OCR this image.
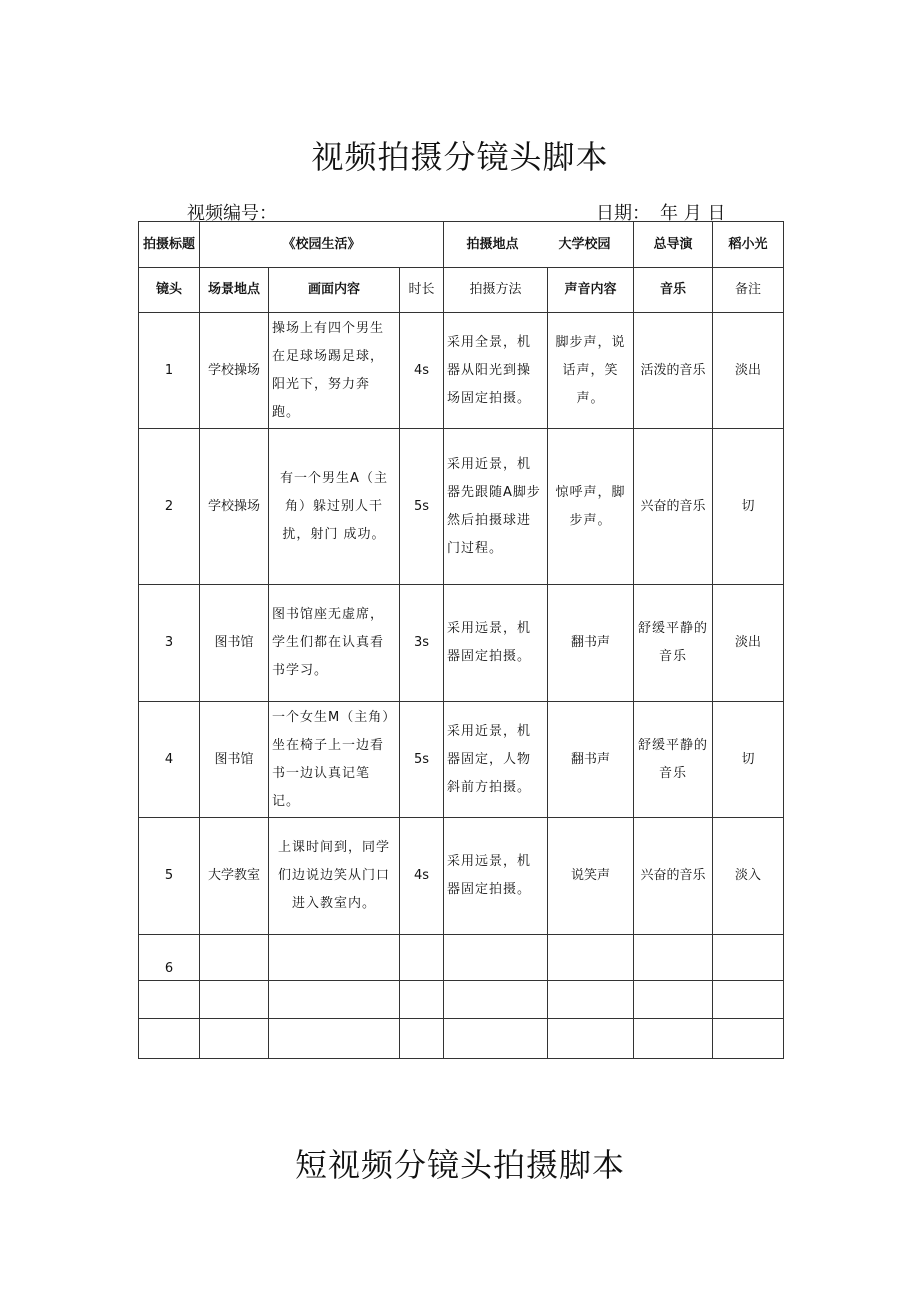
视频拍摄分镜头脚本
视频编号：	日期： 年 月 日
拍摄标题	《校园生活》			拍摄地点 大学校园		总导演	稻小光
镜头	场景地点	画面内容	时长	拍摄方法	声音内容	音乐	备注
1	学校操场	操场上有四个男生在足球场踢足球，阳光下，努力奔跑。	4s	采用全景，机器从阳光到操场固定拍摄。	脚步声，说话声，笑声。	活泼的音乐	淡出
2	学校操场	有一个男生A（主角）躲过别人干扰，射门 成功。	5s	采用近景，机器先跟随A脚步然后拍摄球进门过程。	惊呼声，脚步声。	兴奋的音乐	切
3	图书馆	图书馆座无虚席，学生们都在认真看书学习。	3s	采用远景，机器固定拍摄。	翻书声	舒缓平静的音乐	淡出
4	图书馆	一个女生M（主角）坐在椅子上一边看书一边认真记笔记。	5s	采用近景，机器固定，人物斜前方拍摄。	翻书声	舒缓平静的音乐	切
5	大学教室	上课时间到，同学们边说边笑从门口进入教室内。	4s	采用远景，机器固定拍摄。	说笑声	兴奋的音乐	淡入
6							

短视频分镜头拍摄脚本
